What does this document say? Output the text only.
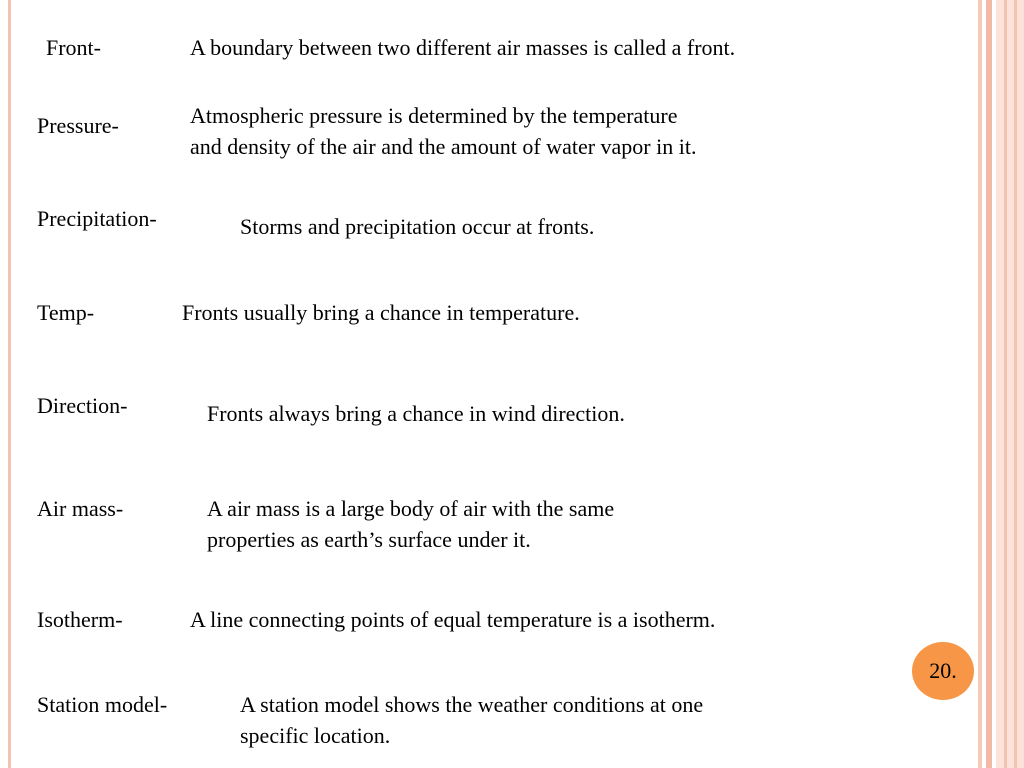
Front-	A boundary between two different air masses is called a front.

Pressure-	Atmospheric pressure is determined by the temperature

and density of the air and the amount of water vapor in it.

Precipitation-	Storms and precipitation occur at fronts.

Temp-	Fronts usually bring a chance in temperature.

Direction-	Fronts always bring a chance in wind direction.

Air mass-	A air mass is a large body of air with the same

properties as earth’s surface under it.

Isotherm-	A line connecting points of equal temperature is a isotherm.

Station model-	A station model shows the weather conditions at one

specific location.

20.
